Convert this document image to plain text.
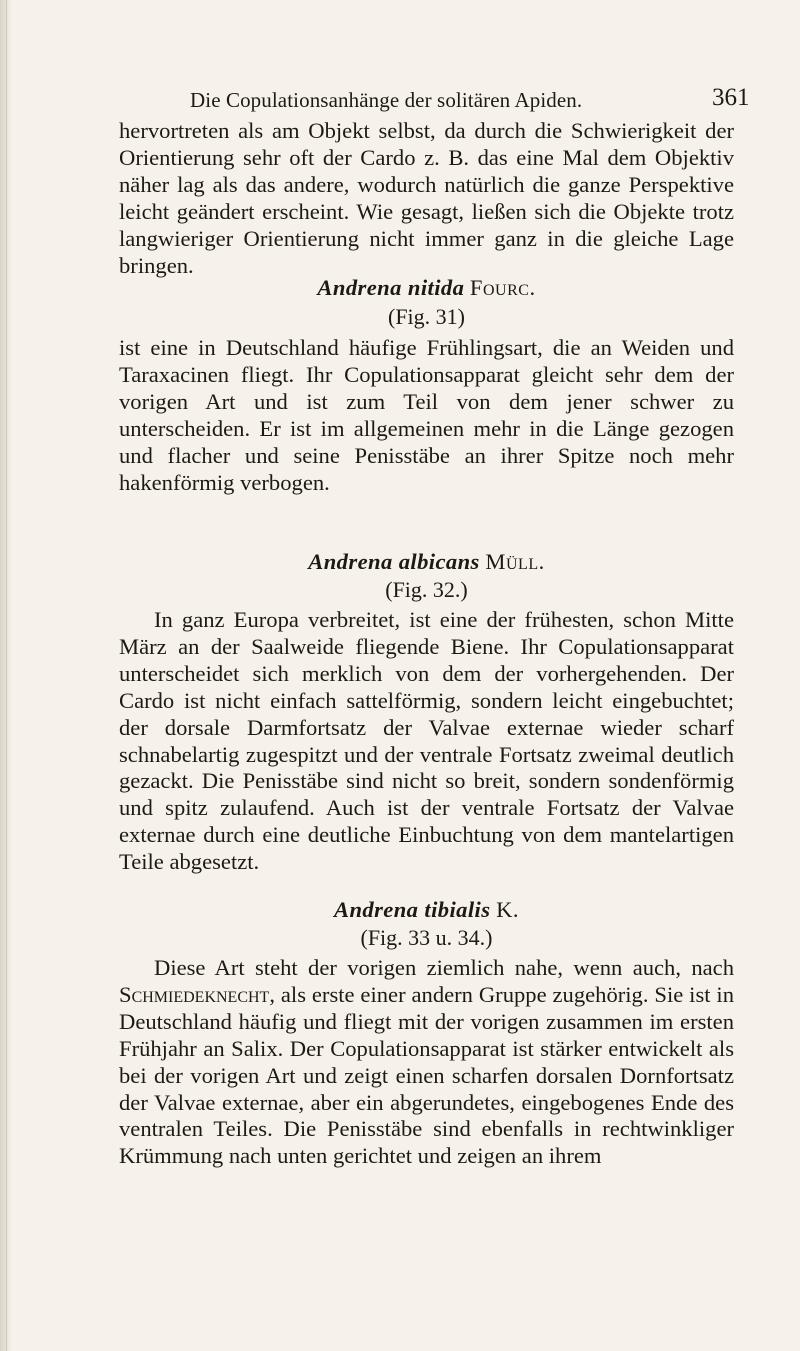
Die Copulationsanhänge der solitären Apiden.	361

hervortreten als am Objekt selbst, da durch die Schwierigkeit der Orientierung sehr oft der Cardo z. B. das eine Mal dem Objektiv näher lag als das andere, wodurch natürlich die ganze Perspektive leicht geändert erscheint. Wie gesagt, ließen sich die Objekte trotz langwieriger Orientierung nicht immer ganz in die gleiche Lage bringen.

Andrena nitida Fourc.
(Fig. 31)

ist eine in Deutschland häufige Frühlingsart, die an Weiden und Taraxacinen fliegt. Ihr Copulationsapparat gleicht sehr dem der vorigen Art und ist zum Teil von dem jener schwer zu unterscheiden. Er ist im allgemeinen mehr in die Länge gezogen und flacher und seine Penisstäbe an ihrer Spitze noch mehr hakenförmig verbogen.

Andrena albicans Müll.
(Fig. 32.)

In ganz Europa verbreitet, ist eine der frühesten, schon Mitte März an der Saalweide fliegende Biene. Ihr Copulationsapparat unterscheidet sich merklich von dem der vorhergehenden. Der Cardo ist nicht einfach sattelförmig, sondern leicht eingebuchtet; der dorsale Darmfortsatz der Valvae externae wieder scharf schnabelartig zugespitzt und der ventrale Fortsatz zweimal deutlich gezackt. Die Penisstäbe sind nicht so breit, sondern sondenförmig und spitz zulaufend. Auch ist der ventrale Fortsatz der Valvae externae durch eine deutliche Einbuchtung von dem mantelartigen Teile abgesetzt.

Andrena tibialis K.
(Fig. 33 u. 34.)

Diese Art steht der vorigen ziemlich nahe, wenn auch, nach Schmiedeknecht, als erste einer andern Gruppe zugehörig. Sie ist in Deutschland häufig und fliegt mit der vorigen zusammen im ersten Frühjahr an Salix. Der Copulationsapparat ist stärker entwickelt als bei der vorigen Art und zeigt einen scharfen dorsalen Dornfortsatz der Valvae externae, aber ein abgerundetes, eingebogenes Ende des ventralen Teiles. Die Penisstäbe sind ebenfalls in rechtwinkliger Krümmung nach unten gerichtet und zeigen an ihrem
